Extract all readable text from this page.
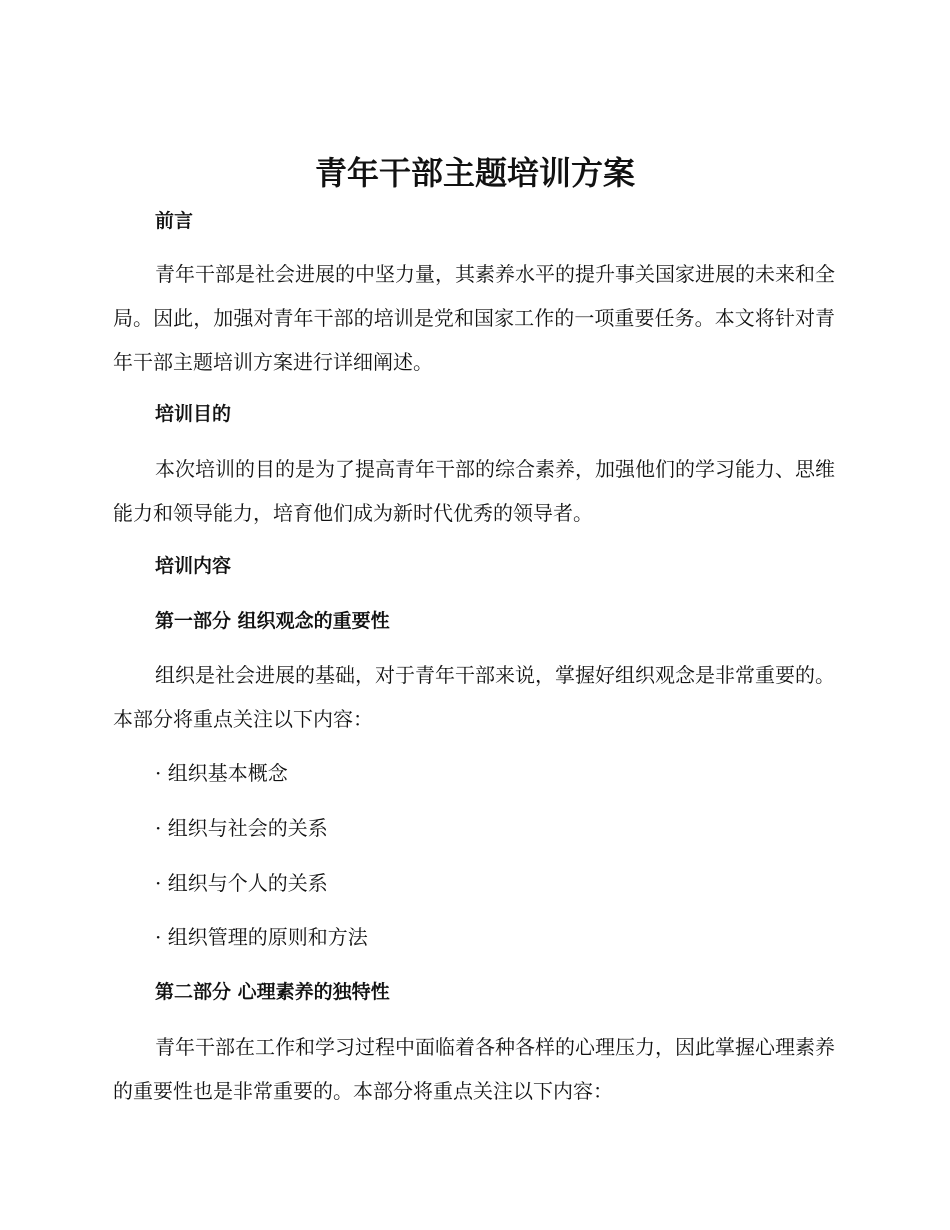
青年干部主题培训方案
前言

青年干部是社会进展的中坚力量，其素养水平的提升事关国家进展的未来和全局。因此，加强对青年干部的培训是党和国家工作的一项重要任务。本文将针对青年干部主题培训方案进行详细阐述。

培训目的

本次培训的目的是为了提高青年干部的综合素养，加强他们的学习能力、思维能力和领导能力，培育他们成为新时代优秀的领导者。

培训内容
第一部分 组织观念的重要性

组织是社会进展的基础，对于青年干部来说，掌握好组织观念是非常重要的。本部分将重点关注以下内容：

· 组织基本概念
· 组织与社会的关系
· 组织与个人的关系
· 组织管理的原则和方法
第二部分 心理素养的独特性

青年干部在工作和学习过程中面临着各种各样的心理压力，因此掌握心理素养的重要性也是非常重要的。本部分将重点关注以下内容：
